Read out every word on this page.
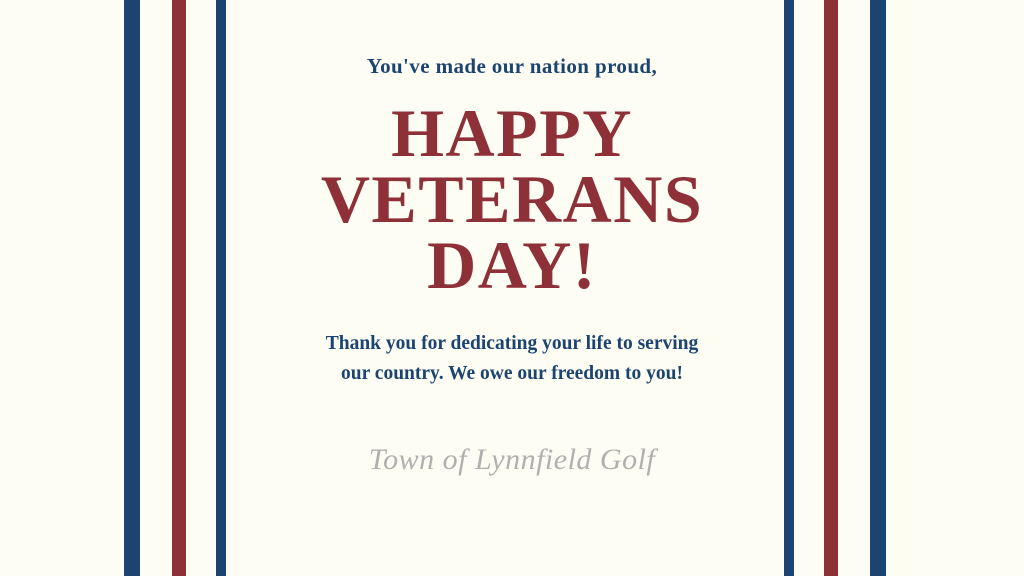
You've made our nation proud,
HAPPY
VETERANS
DAY!
Thank you for dedicating your life to serving
our country. We owe our freedom to you!
Town of Lynnfield Golf
